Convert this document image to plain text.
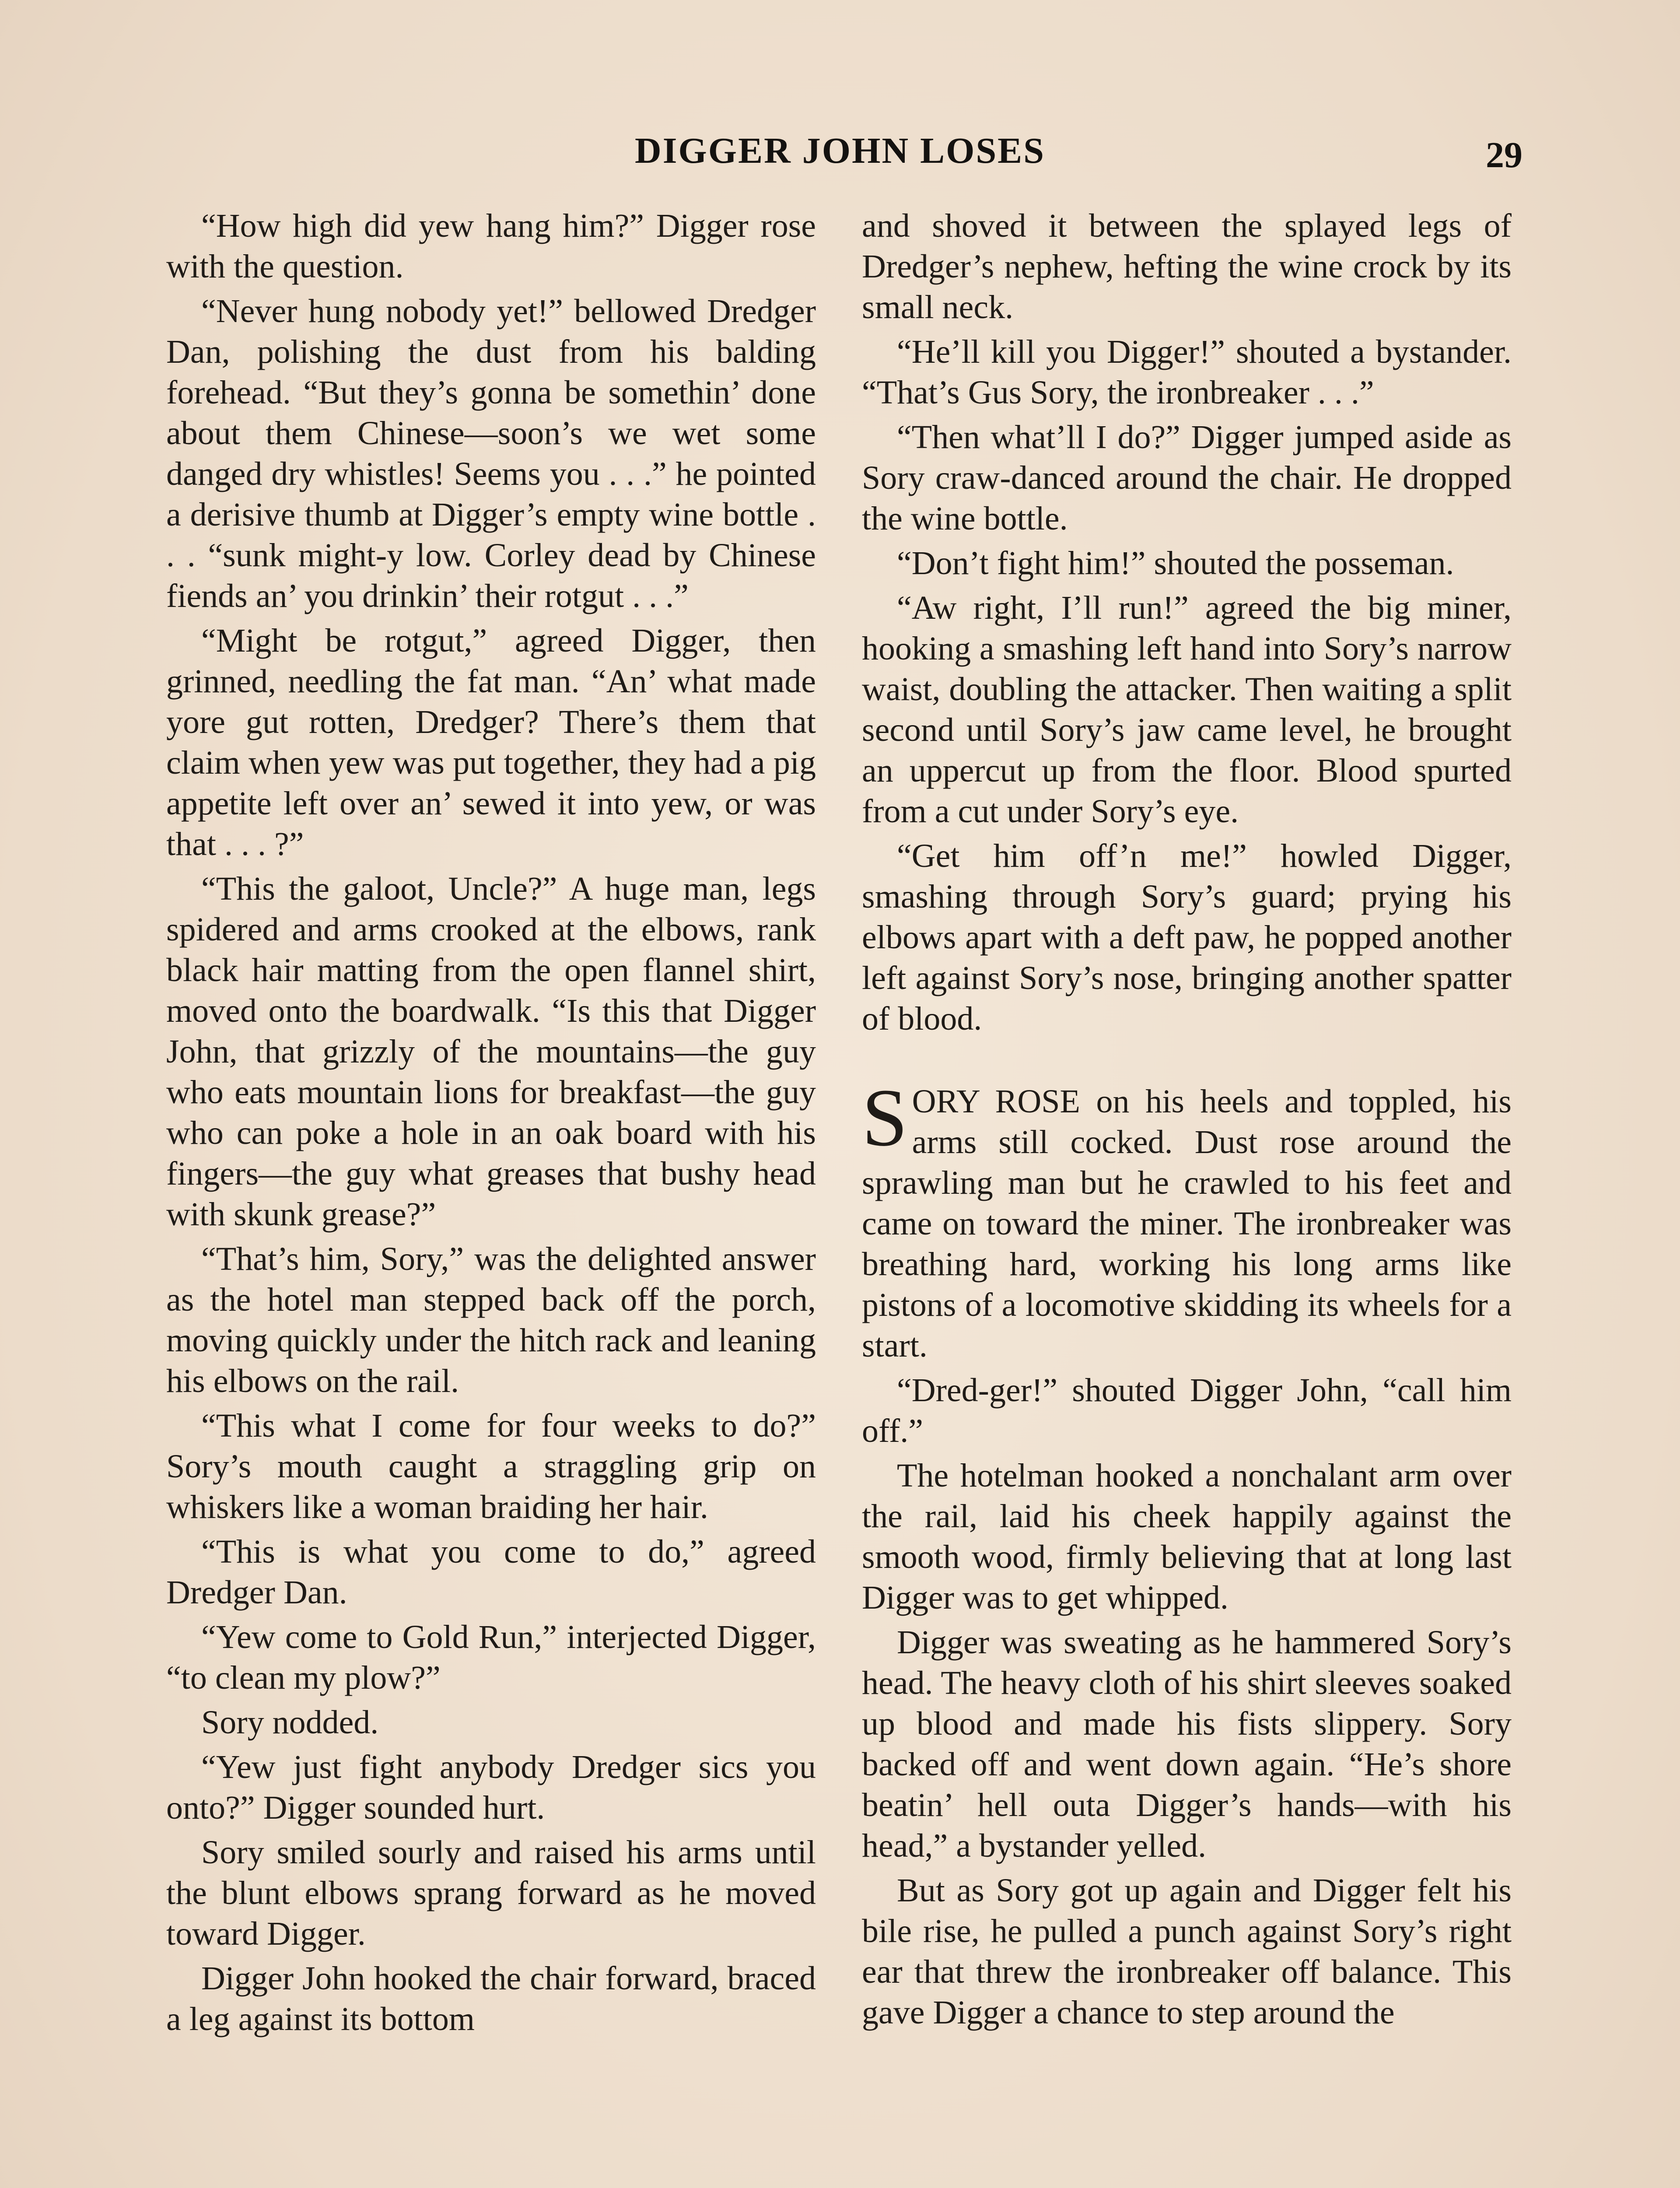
DIGGER JOHN LOSES	29

“How high did yew hang him?” Digger rose with the question.

“Never hung nobody yet!” bellowed Dredger Dan, polishing the dust from his balding forehead. “But they’s gonna be somethin’ done about them Chinese—soon’s we wet some danged dry whistles! Seems you . . .” he pointed a derisive thumb at Digger’s empty wine bottle . . . “sunk might-y low. Corley dead by Chinese fiends an’ you drinkin’ their rotgut . . .”

“Might be rotgut,” agreed Digger, then grinned, needling the fat man. “An’ what made yore gut rotten, Dredger? There’s them that claim when yew was put together, they had a pig appetite left over an’ sewed it into yew, or was that . . . ?”

“This the galoot, Uncle?” A huge man, legs spidered and arms crooked at the elbows, rank black hair matting from the open flannel shirt, moved onto the boardwalk. “Is this that Digger John, that grizzly of the mountains—the guy who eats mountain lions for breakfast—the guy who can poke a hole in an oak board with his fingers—the guy what greases that bushy head with skunk grease?”

“That’s him, Sory,” was the delighted answer as the hotel man stepped back off the porch, moving quickly under the hitch rack and leaning his elbows on the rail.

“This what I come for four weeks to do?” Sory’s mouth caught a straggling grip on whiskers like a woman braiding her hair.

“This is what you come to do,” agreed Dredger Dan.

“Yew come to Gold Run,” interjected Digger, “to clean my plow?”

Sory nodded.

“Yew just fight anybody Dredger sics you onto?” Digger sounded hurt.

Sory smiled sourly and raised his arms until the blunt elbows sprang forward as he moved toward Digger.

Digger John hooked the chair forward, braced a leg against its bottom

and shoved it between the splayed legs of Dredger’s nephew, hefting the wine crock by its small neck.

“He’ll kill you Digger!” shouted a bystander. “That’s Gus Sory, the ironbreaker . . .”

“Then what’ll I do?” Digger jumped aside as Sory craw-danced around the chair. He dropped the wine bottle.

“Don’t fight him!” shouted the posseman.

“Aw right, I’ll run!” agreed the big miner, hooking a smashing left hand into Sory’s narrow waist, doubling the attacker. Then waiting a split second until Sory’s jaw came level, he brought an uppercut up from the floor. Blood spurted from a cut under Sory’s eye.

“Get him off’n me!” howled Digger, smashing through Sory’s guard; prying his elbows apart with a deft paw, he popped another left against Sory’s nose, bringing another spatter of blood.

SORY ROSE on his heels and toppled, his arms still cocked. Dust rose around the sprawling man but he crawled to his feet and came on toward the miner. The ironbreaker was breathing hard, working his long arms like pistons of a locomotive skidding its wheels for a start.

“Dred-ger!” shouted Digger John, “call him off.”

The hotelman hooked a nonchalant arm over the rail, laid his cheek happily against the smooth wood, firmly believing that at long last Digger was to get whipped.

Digger was sweating as he hammered Sory’s head. The heavy cloth of his shirt sleeves soaked up blood and made his fists slippery. Sory backed off and went down again. “He’s shore beatin’ hell outa Digger’s hands—with his head,” a bystander yelled.

But as Sory got up again and Digger felt his bile rise, he pulled a punch against Sory’s right ear that threw the ironbreaker off balance. This gave Digger a chance to step around the
